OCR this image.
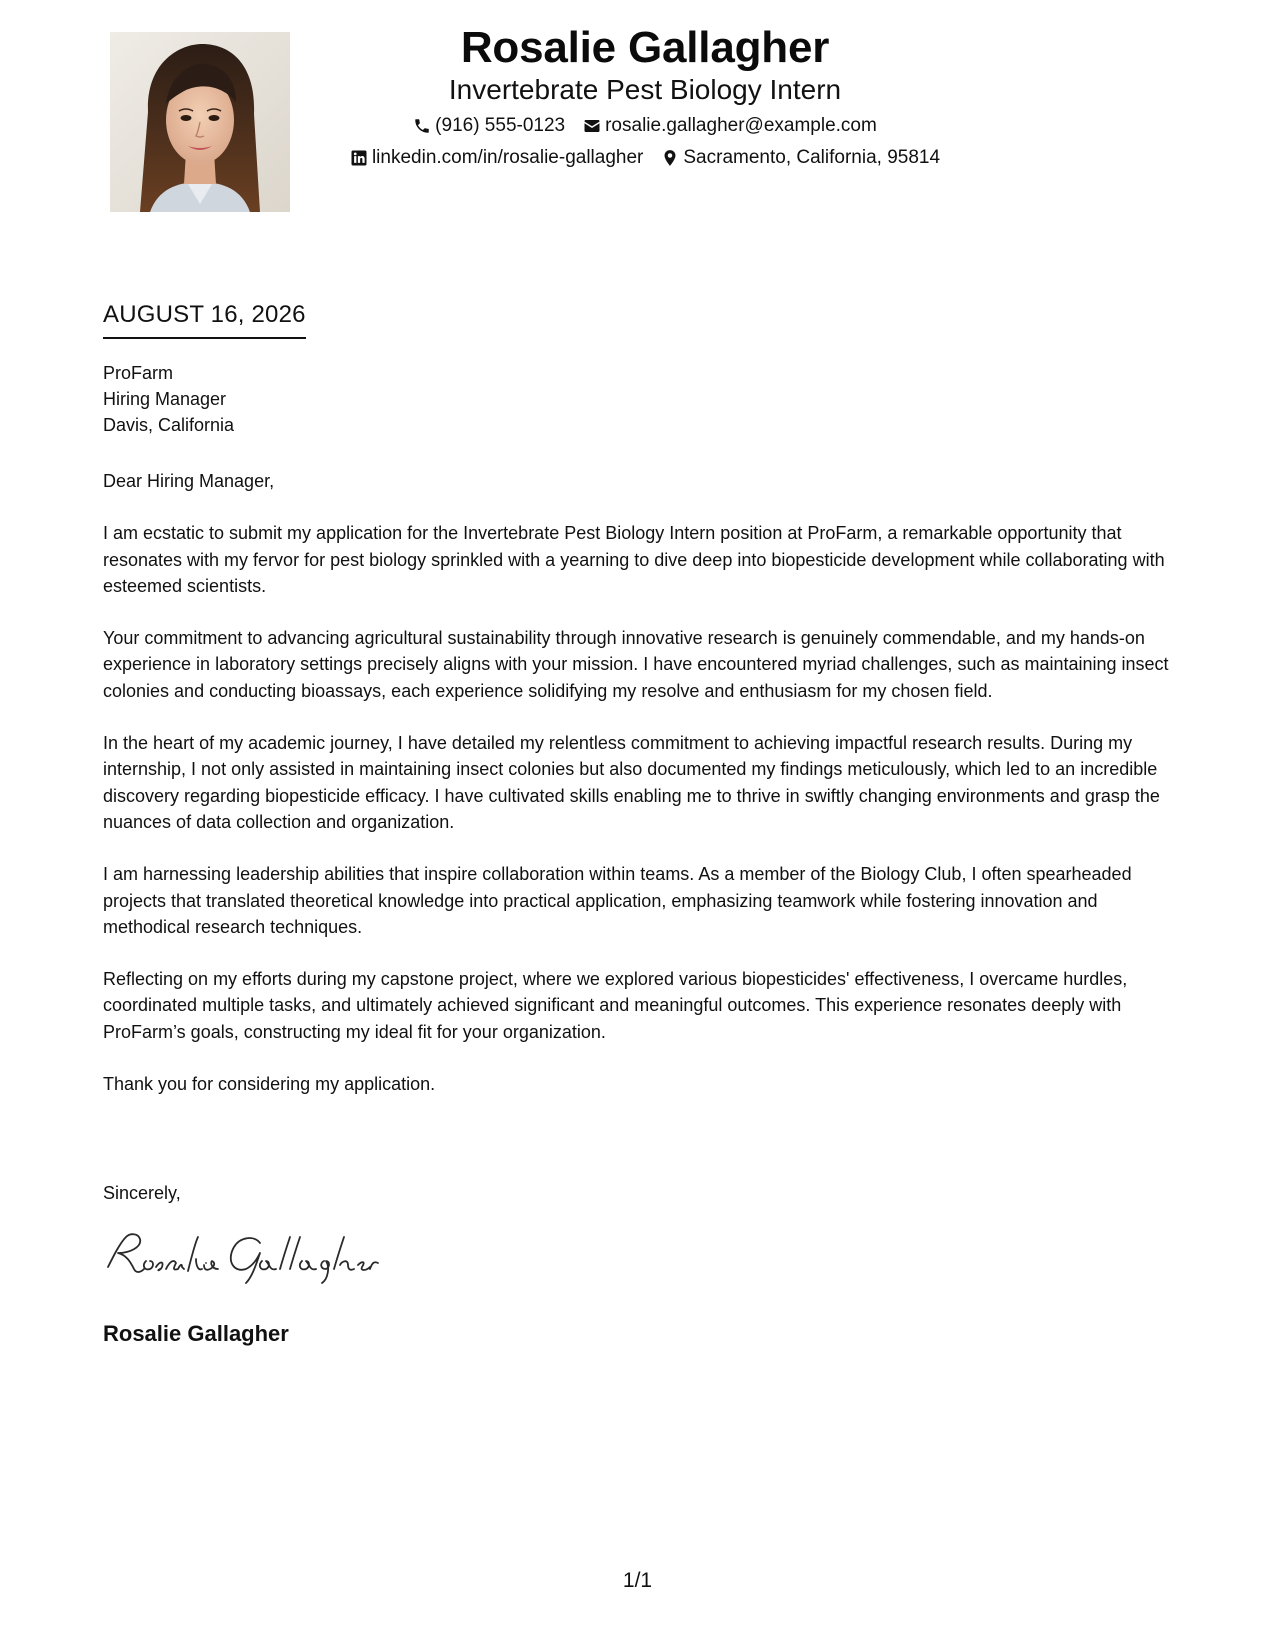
Rosalie Gallagher
Invertebrate Pest Biology Intern
(916) 555-0123 rosalie.gallagher@example.com
linkedin.com/in/rosalie-gallagher Sacramento, California, 95814
AUGUST 16, 2026
ProFarm
Hiring Manager
Davis, California

Dear Hiring Manager,

I am ecstatic to submit my application for the Invertebrate Pest Biology Intern position at ProFarm, a remarkable opportunity that resonates with my fervor for pest biology sprinkled with a yearning to dive deep into biopesticide development while collaborating with esteemed scientists.

Your commitment to advancing agricultural sustainability through innovative research is genuinely commendable, and my hands-on experience in laboratory settings precisely aligns with your mission. I have encountered myriad challenges, such as maintaining insect colonies and conducting bioassays, each experience solidifying my resolve and enthusiasm for my chosen field.

In the heart of my academic journey, I have detailed my relentless commitment to achieving impactful research results. During my internship, I not only assisted in maintaining insect colonies but also documented my findings meticulously, which led to an incredible discovery regarding biopesticide efficacy. I have cultivated skills enabling me to thrive in swiftly changing environments and grasp the nuances of data collection and organization.

I am harnessing leadership abilities that inspire collaboration within teams. As a member of the Biology Club, I often spearheaded projects that translated theoretical knowledge into practical application, emphasizing teamwork while fostering innovation and methodical research techniques.

Reflecting on my efforts during my capstone project, where we explored various biopesticides' effectiveness, I overcame hurdles, coordinated multiple tasks, and ultimately achieved significant and meaningful outcomes. This experience resonates deeply with ProFarm’s goals, constructing my ideal fit for your organization.

Thank you for considering my application.

Sincerely,
Rosalie Gallagher
1/1
